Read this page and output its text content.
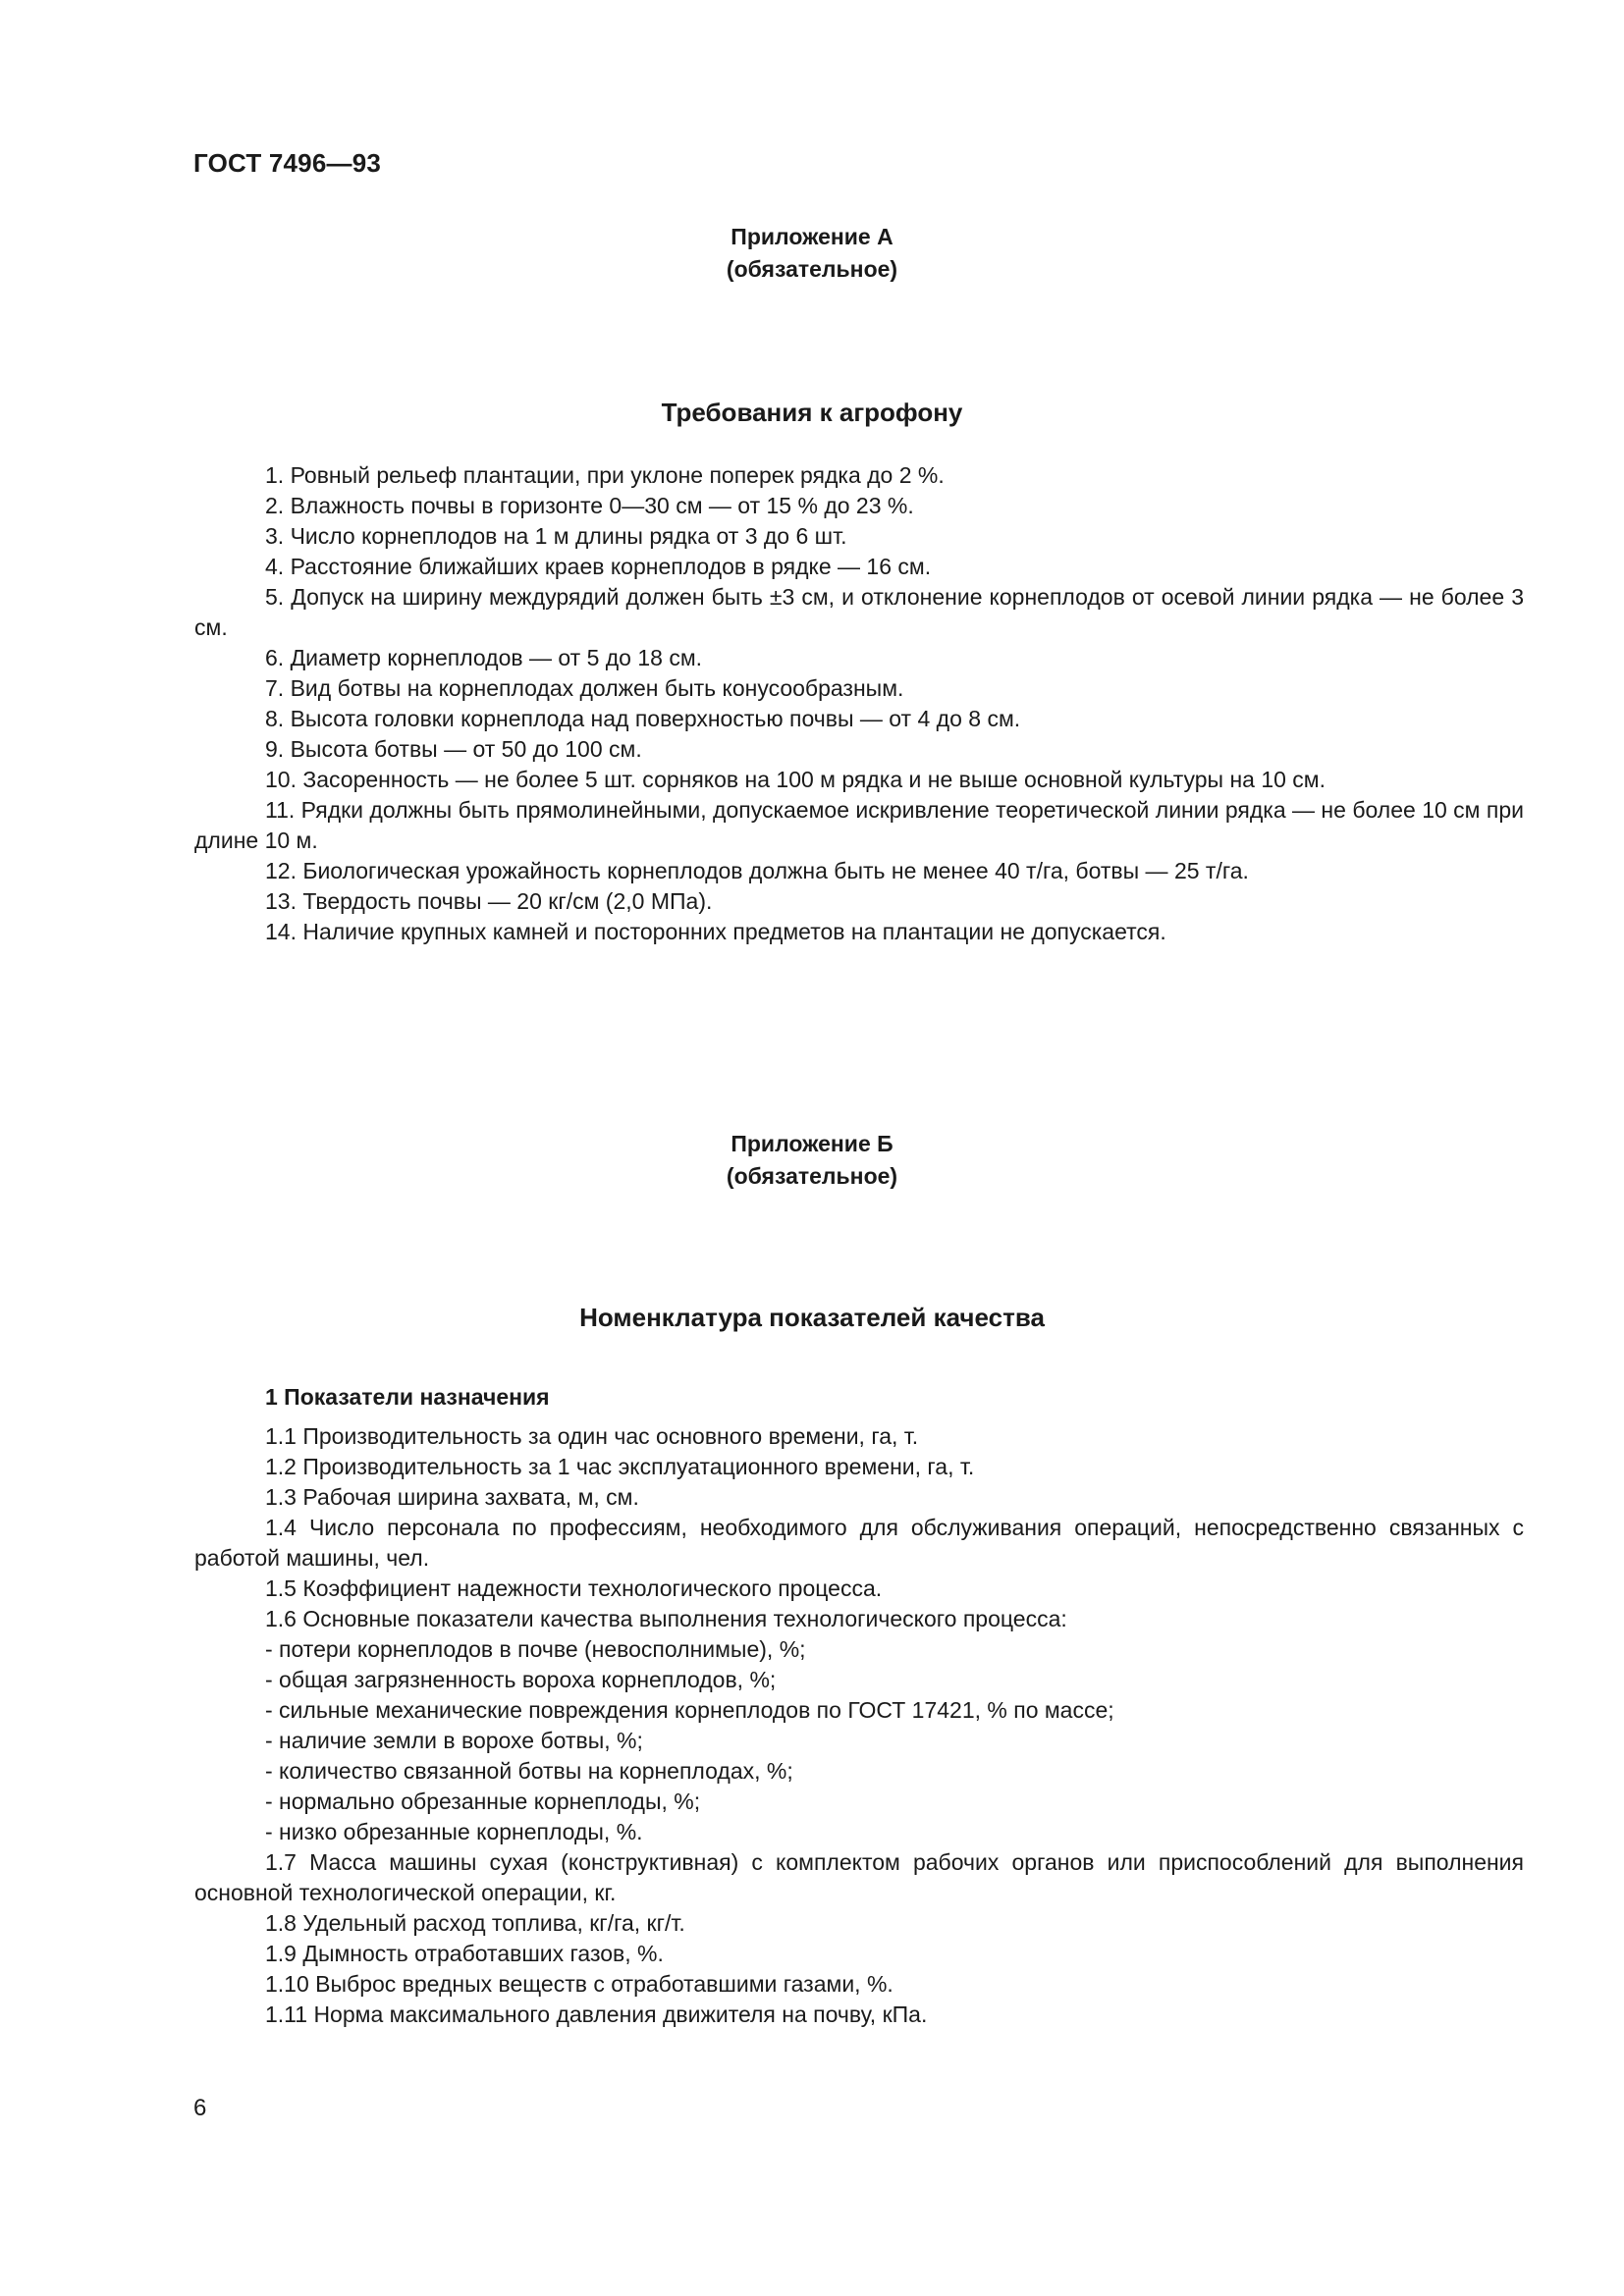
ГОСТ 7496—93
Приложение А
(обязательное)
Требования к агрофону

1. Ровный рельеф плантации, при уклоне поперек рядка до 2 %.

2. Влажность почвы в горизонте 0—30 см — от 15 % до 23 %.

3. Число корнеплодов на 1 м длины рядка от 3 до 6 шт.

4. Расстояние ближайших краев корнеплодов в рядке — 16 см.

5. Допуск на ширину междурядий должен быть ±3 см, и отклонение корнеплодов от осевой линии рядка — не более 3 см.

6. Диаметр корнеплодов — от 5 до 18 см.

7. Вид ботвы на корнеплодах должен быть конусообразным.

8. Высота головки корнеплода над поверхностью почвы — от 4 до 8 см.

9. Высота ботвы — от 50 до 100 см.

10. Засоренность — не более 5 шт. сорняков на 100 м рядка и не выше основной культуры на 10 см.

11. Рядки должны быть прямолинейными, допускаемое искривление теоретической линии рядка — не более 10 см при длине 10 м.

12. Биологическая урожайность корнеплодов должна быть не менее 40 т/га, ботвы — 25 т/га.

13. Твердость почвы — 20 кг/см (2,0 МПа).

14. Наличие крупных камней и посторонних предметов на плантации не допускается.

Приложение Б
(обязательное)
Номенклатура показателей качества
1 Показатели назначения

1.1 Производительность за один час основного времени, га, т.

1.2 Производительность за 1 час эксплуатационного времени, га, т.

1.3 Рабочая ширина захвата, м, см.

1.4 Число персонала по профессиям, необходимого для обслуживания операций, непосредственно связанных с работой машины, чел.

1.5 Коэффициент надежности технологического процесса.

1.6 Основные показатели качества выполнения технологического процесса:

- потери корнеплодов в почве (невосполнимые), %;

- общая загрязненность вороха корнеплодов, %;

- сильные механические повреждения корнеплодов по ГОСТ 17421, % по массе;

- наличие земли в ворохе ботвы, %;

- количество связанной ботвы на корнеплодах, %;

- нормально обрезанные корнеплоды, %;

- низко обрезанные корнеплоды, %.

1.7 Масса машины сухая (конструктивная) с комплектом рабочих органов или приспособлений для выполнения основной технологической операции, кг.

1.8 Удельный расход топлива, кг/га, кг/т.

1.9 Дымность отработавших газов, %.

1.10 Выброс вредных веществ с отработавшими газами, %.

1.11 Норма максимального давления движителя на почву, кПа.

6
